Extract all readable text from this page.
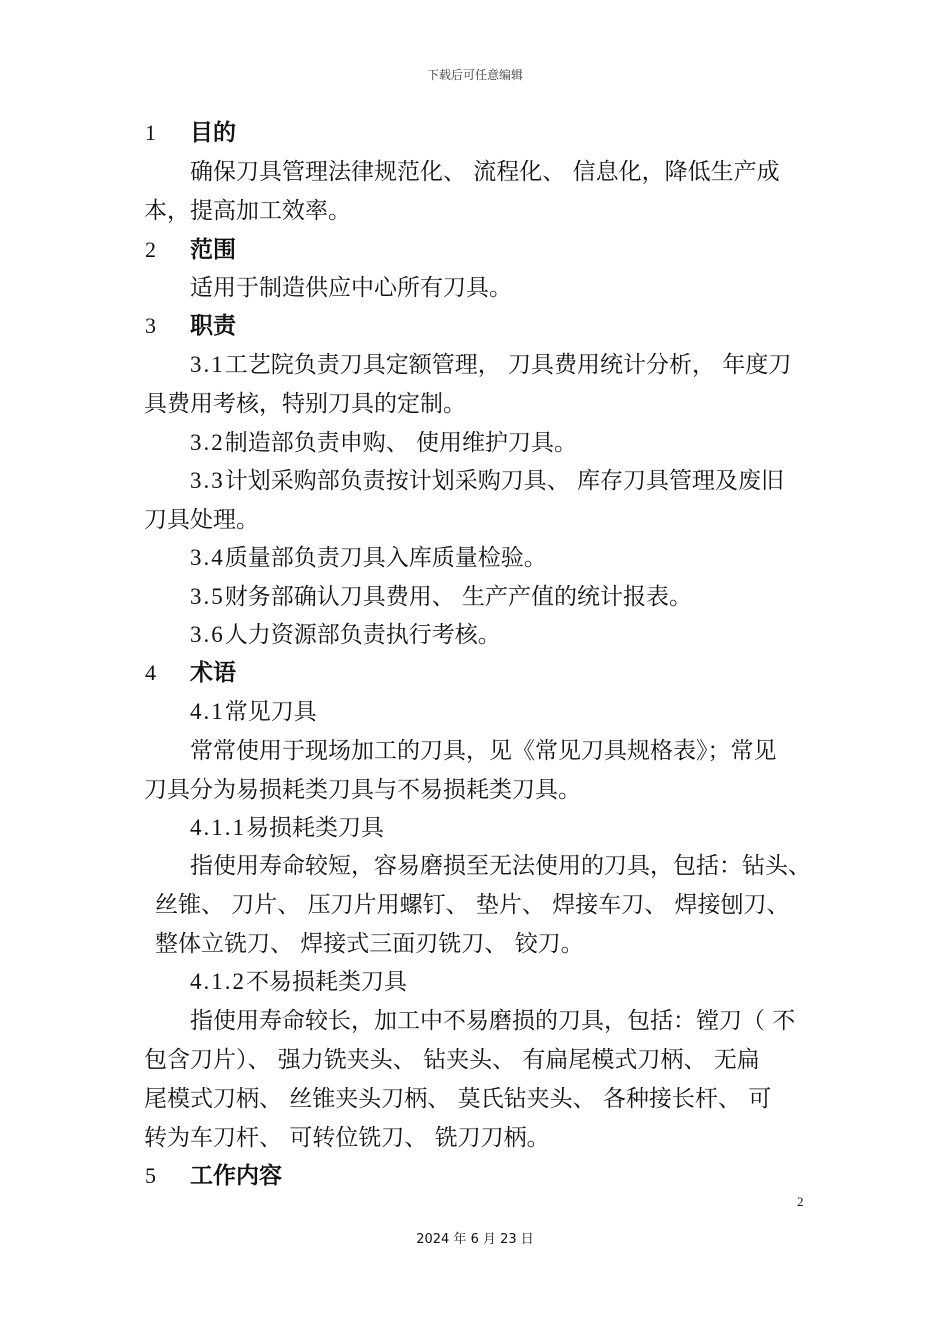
下载后可任意编辑
1 目的
确保刀具管理法律规范化、 流程化、 信息化，降低生产成
本，提高加工效率。
2 范围
适用于制造供应中心所有刀具。
3 职责
3.1工艺院负责刀具定额管理， 刀具费用统计分析， 年度刀
具费用考核，特别刀具的定制。
3.2制造部负责申购、 使用维护刀具。
3.3计划采购部负责按计划采购刀具、 库存刀具管理及废旧
刀具处理。
3.4质量部负责刀具入库质量检验。
3.5财务部确认刀具费用、 生产产值的统计报表。
3.6人力资源部负责执行考核。
4 术语
4.1常见刀具
常常使用于现场加工的刀具，见《常见刀具规格表》；常见
刀具分为易损耗类刀具与不易损耗类刀具。
4.1.1易损耗类刀具
指使用寿命较短，容易磨损至无法使用的刀具，包括：钻头、
丝锥、 刀片、 压刀片用螺钉、 垫片、 焊接车刀、 焊接刨刀、
整体立铣刀、 焊接式三面刃铣刀、 铰刀。
4.1.2不易损耗类刀具
指使用寿命较长，加工中不易磨损的刀具，包括：镗刀（ 不
包含刀片）、 强力铣夹头、 钻夹头、 有扁尾模式刀柄、 无扁
尾模式刀柄、 丝锥夹头刀柄、 莫氏钻夹头、 各种接长杆、 可
转为车刀杆、 可转位铣刀、 铣刀刀柄。
5 工作内容
2
2024 年 6 月 23 日
